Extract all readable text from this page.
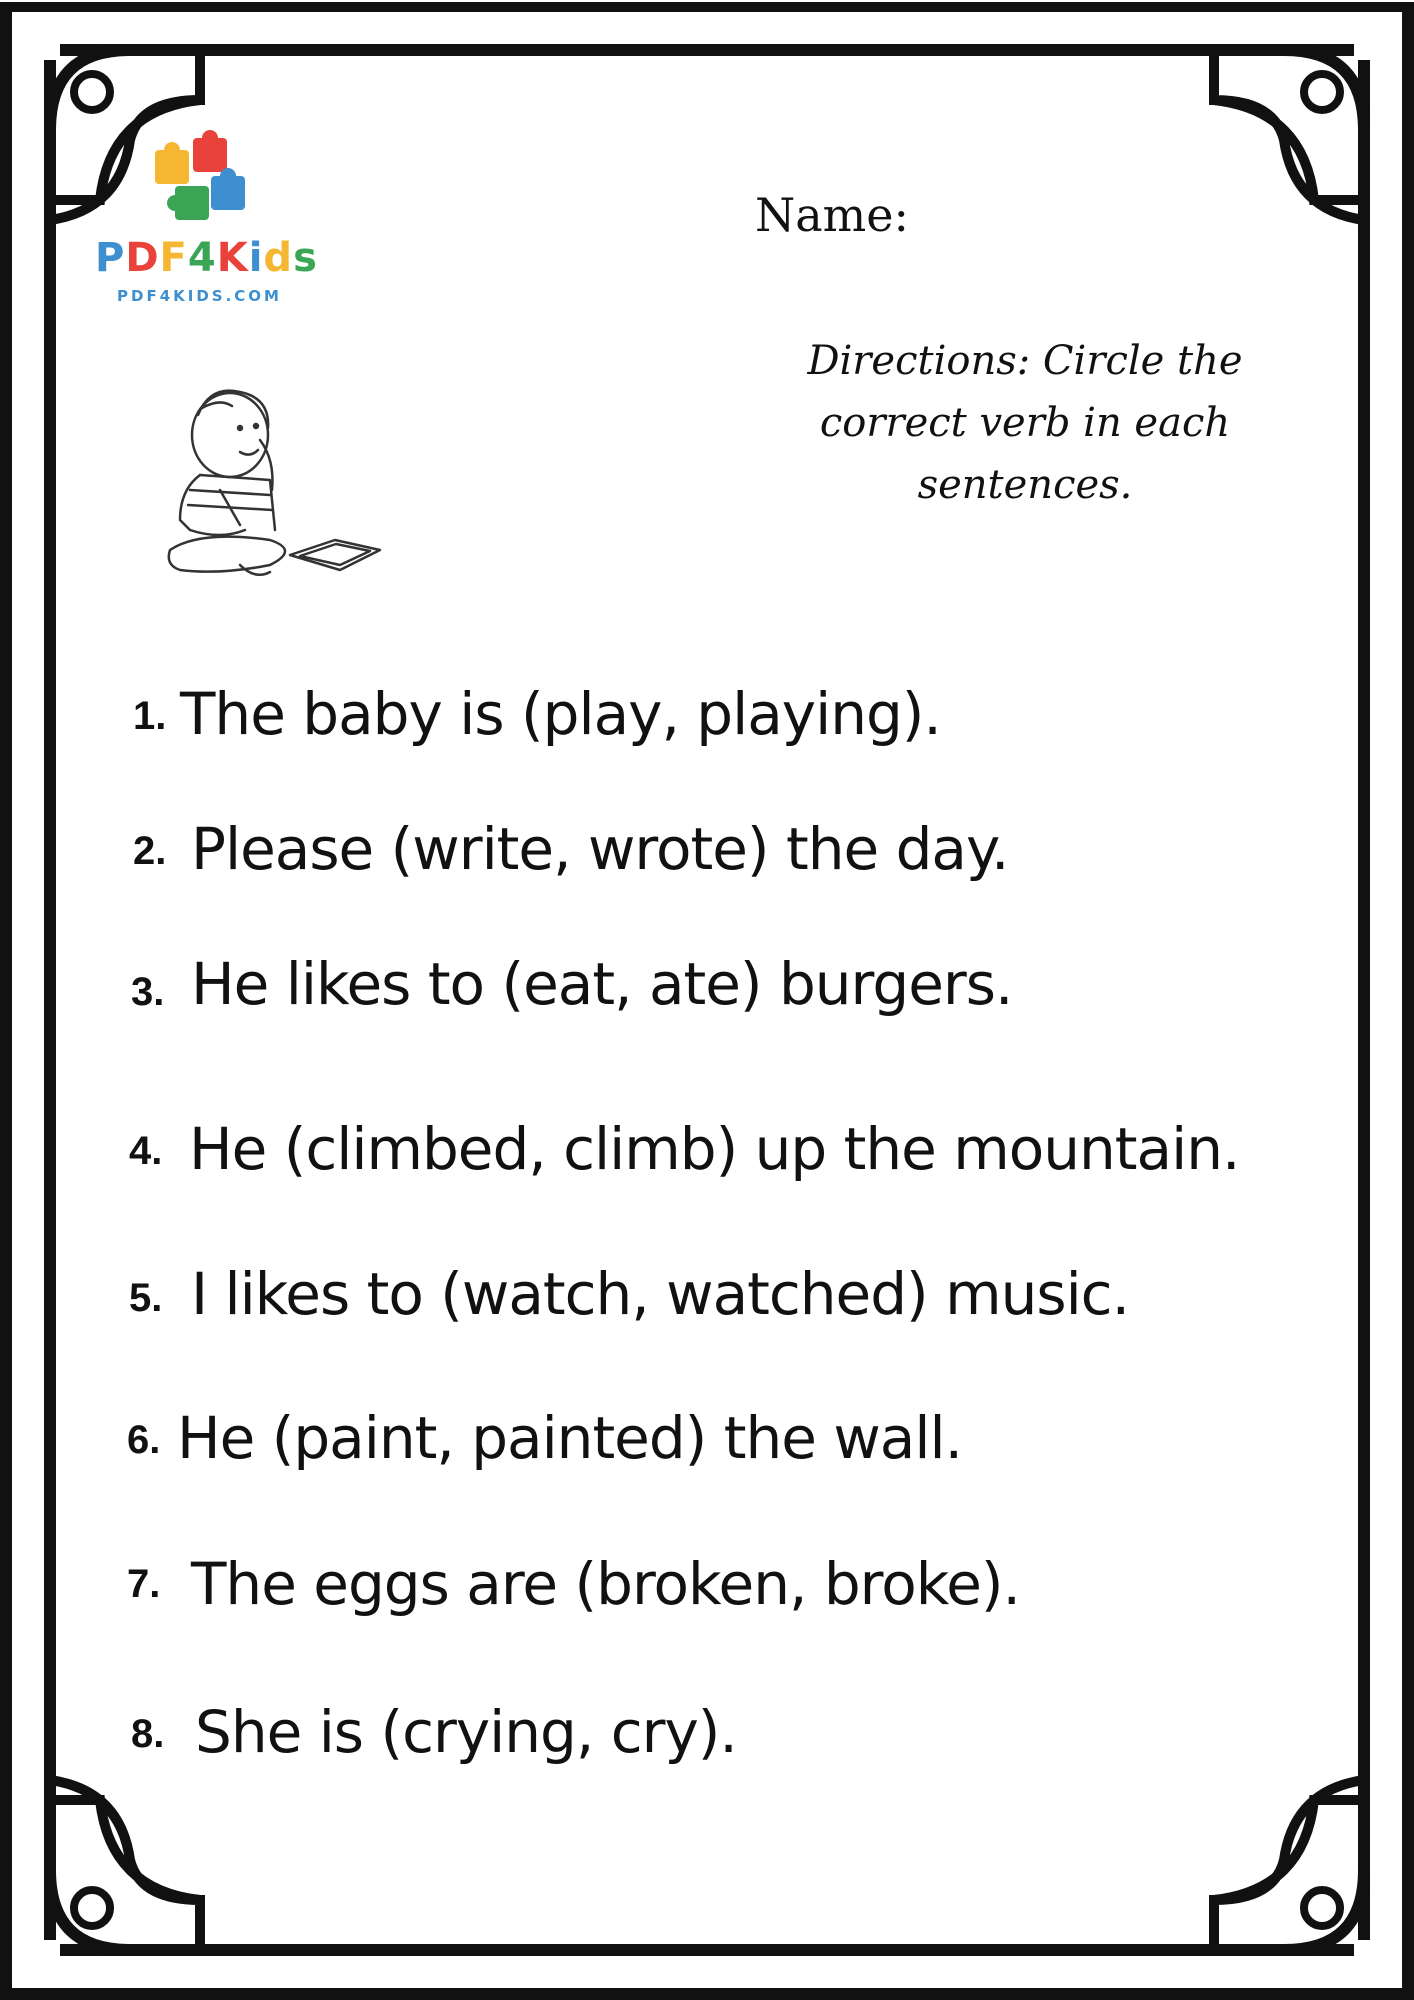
PDF4Kids
PDF4KIDS.COM
Name:
Directions: Circle the correct verb in each sentences.
1. The baby is (play, playing).
2. Please (write, wrote) the day.
3. He likes to (eat, ate) burgers.
4. He (climbed, climb) up the mountain.
5. I likes to (watch, watched) music.
6. He (paint, painted) the wall.
7. The eggs are (broken, broke).
8. She is (crying, cry).
